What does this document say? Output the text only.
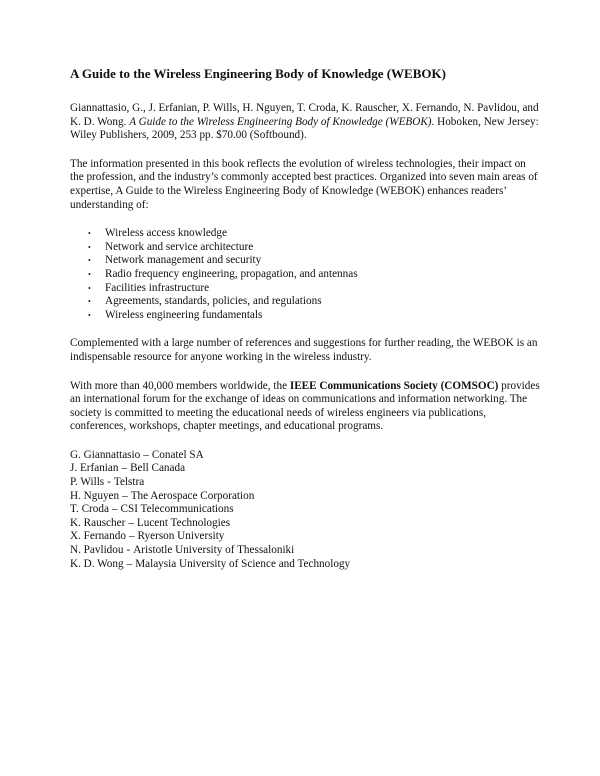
A Guide to the Wireless Engineering Body of Knowledge (WEBOK)
Giannattasio, G., J. Erfanian, P. Wills, H. Nguyen, T. Croda, K. Rauscher, X. Fernando, N. Pavlidou, and K. D. Wong. A Guide to the Wireless Engineering Body of Knowledge (WEBOK). Hoboken, New Jersey: Wiley Publishers, 2009, 253 pp. $70.00 (Softbound).
The information presented in this book reflects the evolution of wireless technologies, their impact on the profession, and the industry’s commonly accepted best practices. Organized into seven main areas of expertise, A Guide to the Wireless Engineering Body of Knowledge (WEBOK) enhances readers’ understanding of:
• Wireless access knowledge
• Network and service architecture
• Network management and security
• Radio frequency engineering, propagation, and antennas
• Facilities infrastructure
• Agreements, standards, policies, and regulations
• Wireless engineering fundamentals
Complemented with a large number of references and suggestions for further reading, the WEBOK is an indispensable resource for anyone working in the wireless industry.
With more than 40,000 members worldwide, the IEEE Communications Society (COMSOC) provides an international forum for the exchange of ideas on communications and information networking. The society is committed to meeting the educational needs of wireless engineers via publications, conferences, workshops, chapter meetings, and educational programs.
G. Giannattasio – Conatel SA
J. Erfanian – Bell Canada
P. Wills - Telstra
H. Nguyen – The Aerospace Corporation
T. Croda – CSI Telecommunications
K. Rauscher – Lucent Technologies
X. Fernando – Ryerson University
N. Pavlidou - Aristotle University of Thessaloniki
K. D. Wong – Malaysia University of Science and Technology
